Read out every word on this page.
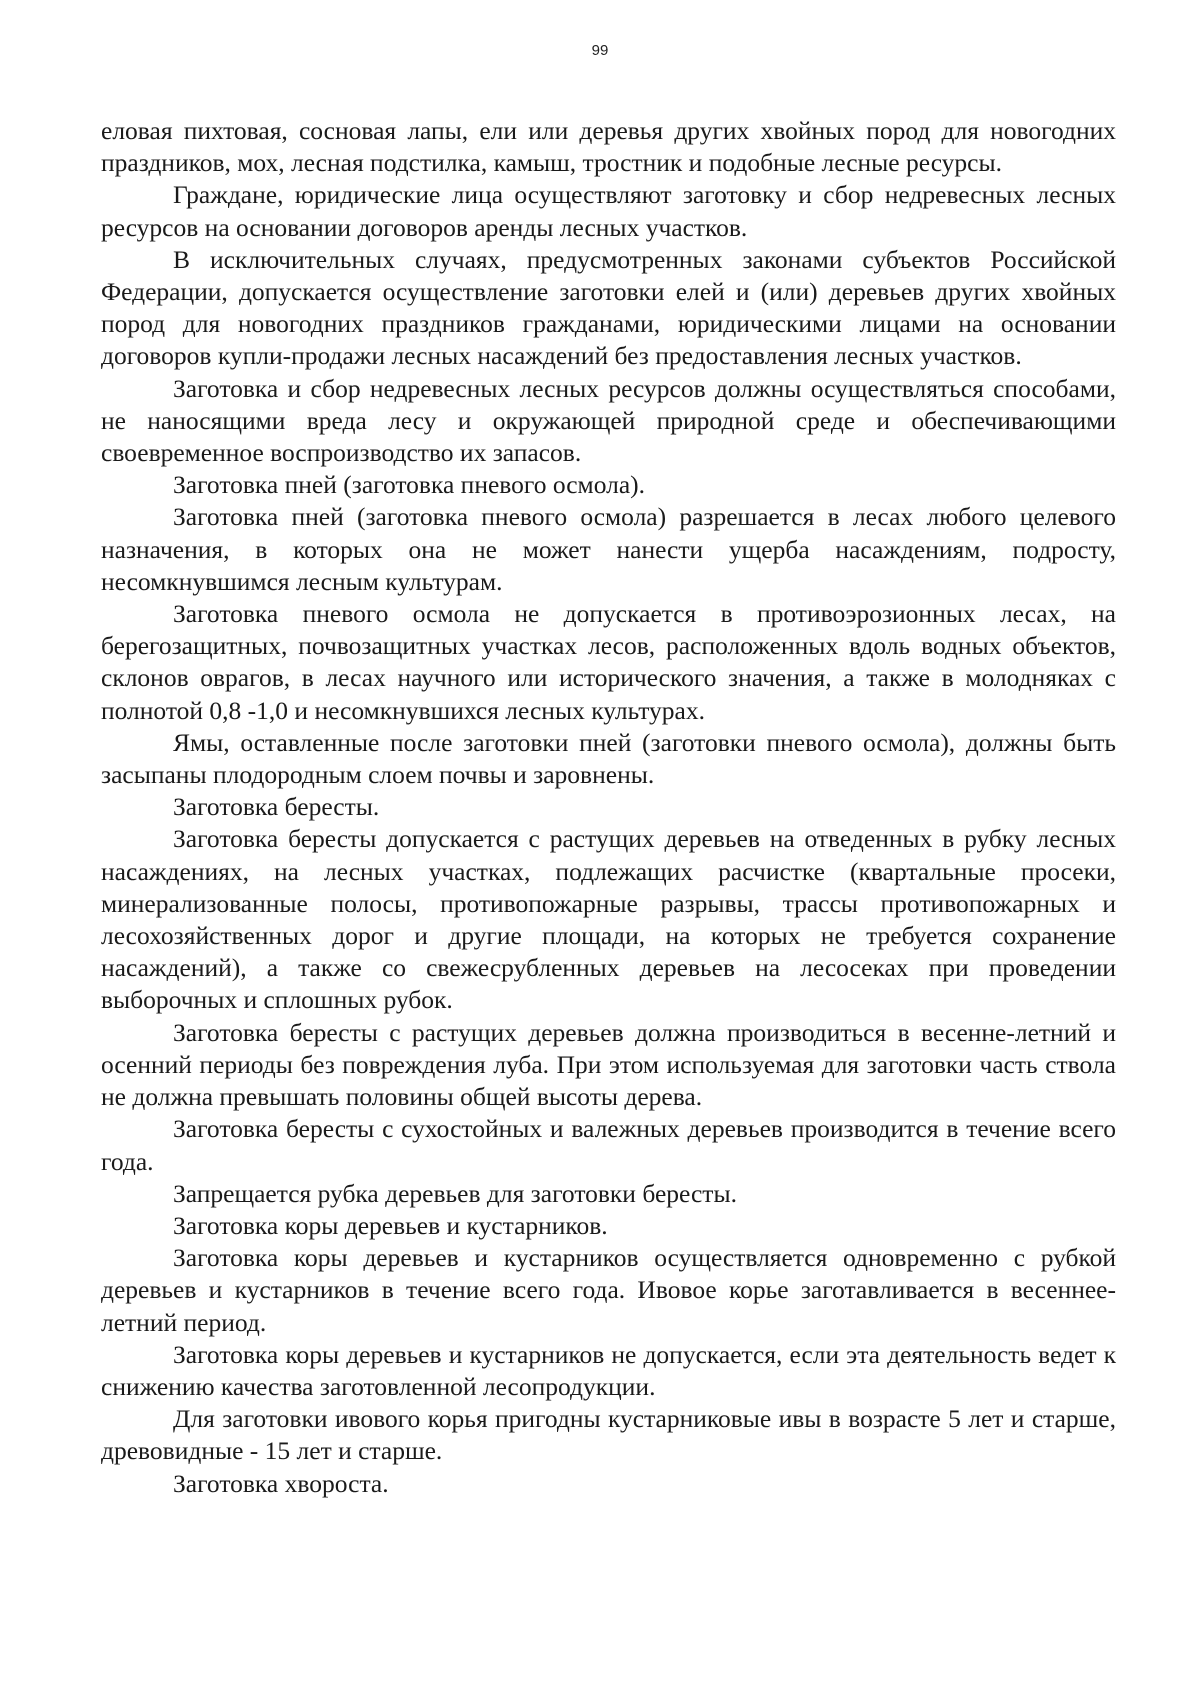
99

еловая пихтовая, сосновая лапы, ели или деревья других хвойных пород для новогодних праздников, мох, лесная подстилка, камыш, тростник и подобные лесные ресурсы.

Граждане, юридические лица осуществляют заготовку и сбор недревесных лесных ресурсов на основании договоров аренды лесных участков.

В исключительных случаях, предусмотренных законами субъектов Российской Федерации, допускается осуществление заготовки елей и (или) деревьев других хвойных пород для новогодних праздников гражданами, юридическими лицами на основании договоров купли-продажи лесных насаждений без предоставления лесных участков.

Заготовка и сбор недревесных лесных ресурсов должны осуществляться способами, не наносящими вреда лесу и окружающей природной среде и обеспечивающими своевременное воспроизводство их запасов.

Заготовка пней (заготовка пневого осмола).

Заготовка пней (заготовка пневого осмола) разрешается в лесах любого целевого назначения, в которых она не может нанести ущерба насаждениям, подросту, несомкнувшимся лесным культурам.

Заготовка пневого осмола не допускается в противоэрозионных лесах, на берегозащитных, почвозащитных участках лесов, расположенных вдоль водных объектов, склонов оврагов, в лесах научного или исторического значения, а также в молодняках с полнотой 0,8 -1,0 и несомкнувшихся лесных культурах.

Ямы, оставленные после заготовки пней (заготовки пневого осмола), должны быть засыпаны плодородным слоем почвы и заровнены.

Заготовка бересты.

Заготовка бересты допускается с растущих деревьев на отведенных в рубку лесных насаждениях, на лесных участках, подлежащих расчистке (квартальные просеки, минерализованные полосы, противопожарные разрывы, трассы противопожарных и лесохозяйственных дорог и другие площади, на которых не требуется сохранение насаждений), а также со свежесрубленных деревьев на лесосеках при проведении выборочных и сплошных рубок.

Заготовка бересты с растущих деревьев должна производиться в весенне-летний и осенний периоды без повреждения луба. При этом используемая для заготовки часть ствола не должна превышать половины общей высоты дерева.

Заготовка бересты с сухостойных и валежных деревьев производится в течение всего года.

Запрещается рубка деревьев для заготовки бересты.

Заготовка коры деревьев и кустарников.

Заготовка коры деревьев и кустарников осуществляется одновременно с рубкой деревьев и кустарников в течение всего года. Ивовое корье заготавливается в весеннее-летний период.

Заготовка коры деревьев и кустарников не допускается, если эта деятельность ведет к снижению качества заготовленной лесопродукции.

Для заготовки ивового корья пригодны кустарниковые ивы в возрасте 5 лет и старше, древовидные - 15 лет и старше.

Заготовка хвороста.
